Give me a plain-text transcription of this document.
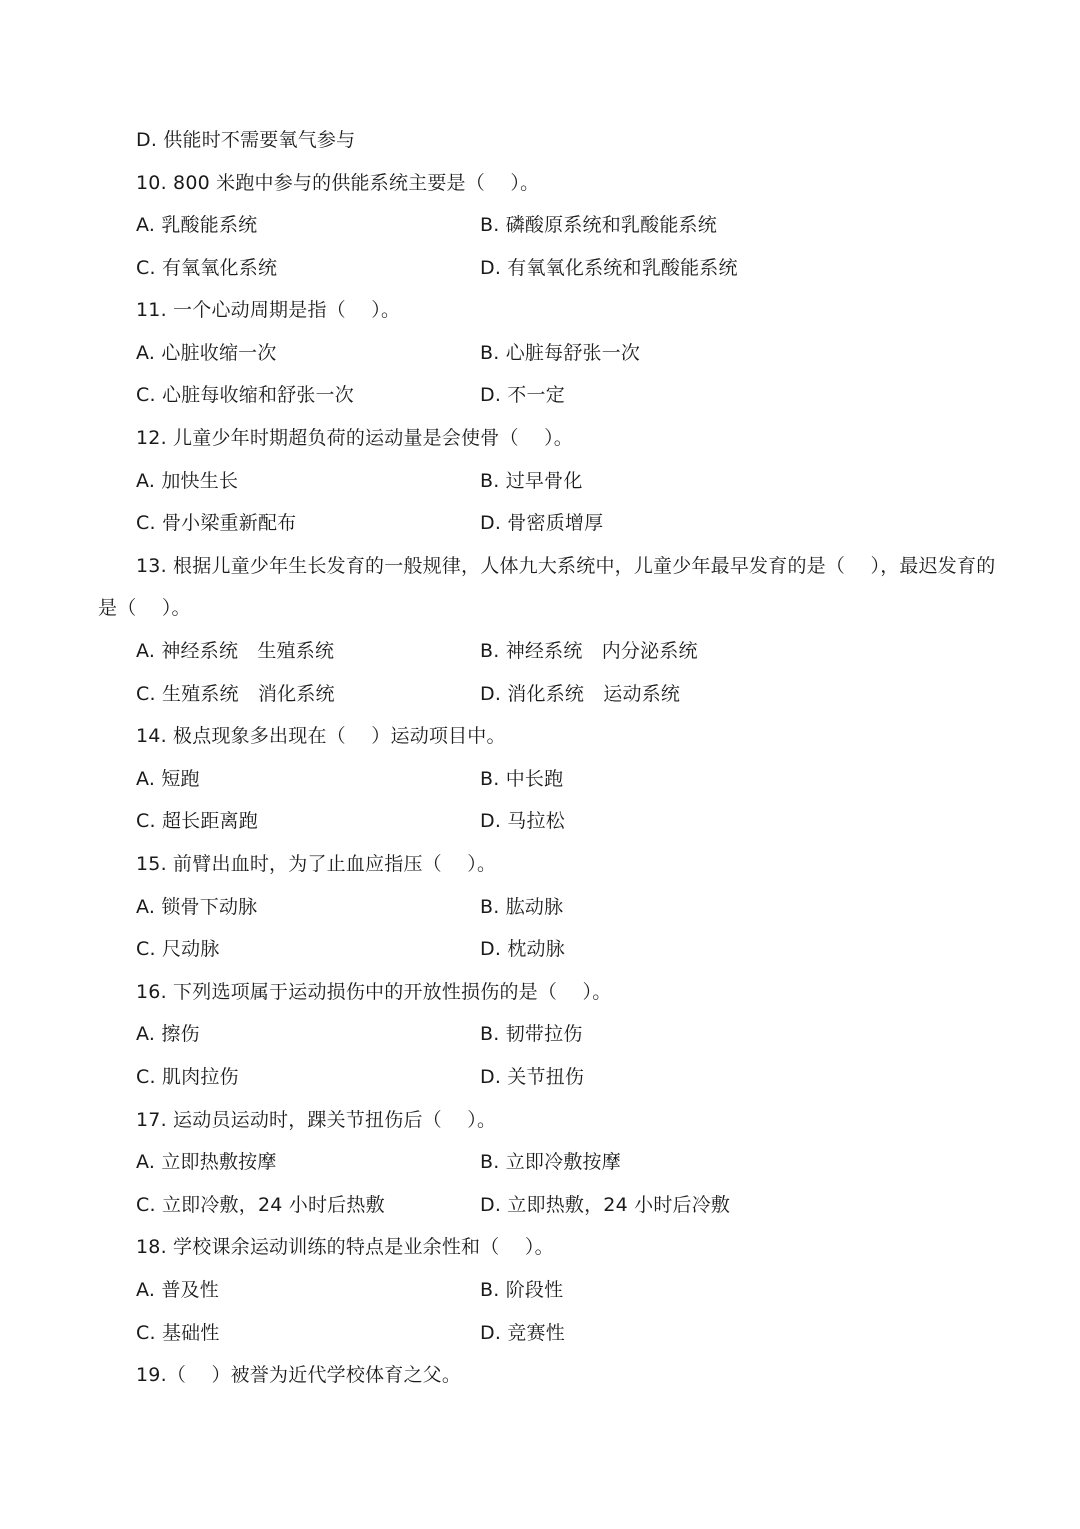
D. 供能时不需要氧气参与
10. 800 米跑中参与的供能系统主要是（　 ）。
A. 乳酸能系统	B. 磷酸原系统和乳酸能系统
C. 有氧氧化系统	D. 有氧氧化系统和乳酸能系统
11. 一个心动周期是指（　 ）。
A. 心脏收缩一次	B. 心脏每舒张一次
C. 心脏每收缩和舒张一次	D. 不一定
12. 儿童少年时期超负荷的运动量是会使骨（　 ）。
A. 加快生长	B. 过早骨化
C. 骨小梁重新配布	D. 骨密质增厚
13. 根据儿童少年生长发育的一般规律，人体九大系统中，儿童少年最早发育的是（　 ），最迟发育的
是（　 ）。
A. 神经系统　生殖系统	B. 神经系统　内分泌系统
C. 生殖系统　消化系统	D. 消化系统　运动系统
14. 极点现象多出现在（　 ）运动项目中。
A. 短跑	B. 中长跑
C. 超长距离跑	D. 马拉松
15. 前臂出血时，为了止血应指压（　 ）。
A. 锁骨下动脉	B. 肱动脉
C. 尺动脉	D. 枕动脉
16. 下列选项属于运动损伤中的开放性损伤的是（　 ）。
A. 擦伤	B. 韧带拉伤
C. 肌肉拉伤	D. 关节扭伤
17. 运动员运动时，踝关节扭伤后（　 ）。
A. 立即热敷按摩	B. 立即冷敷按摩
C. 立即冷敷，24 小时后热敷	D. 立即热敷，24 小时后冷敷
18. 学校课余运动训练的特点是业余性和（　 ）。
A. 普及性	B. 阶段性
C. 基础性	D. 竞赛性
19.（　 ）被誉为近代学校体育之父。
